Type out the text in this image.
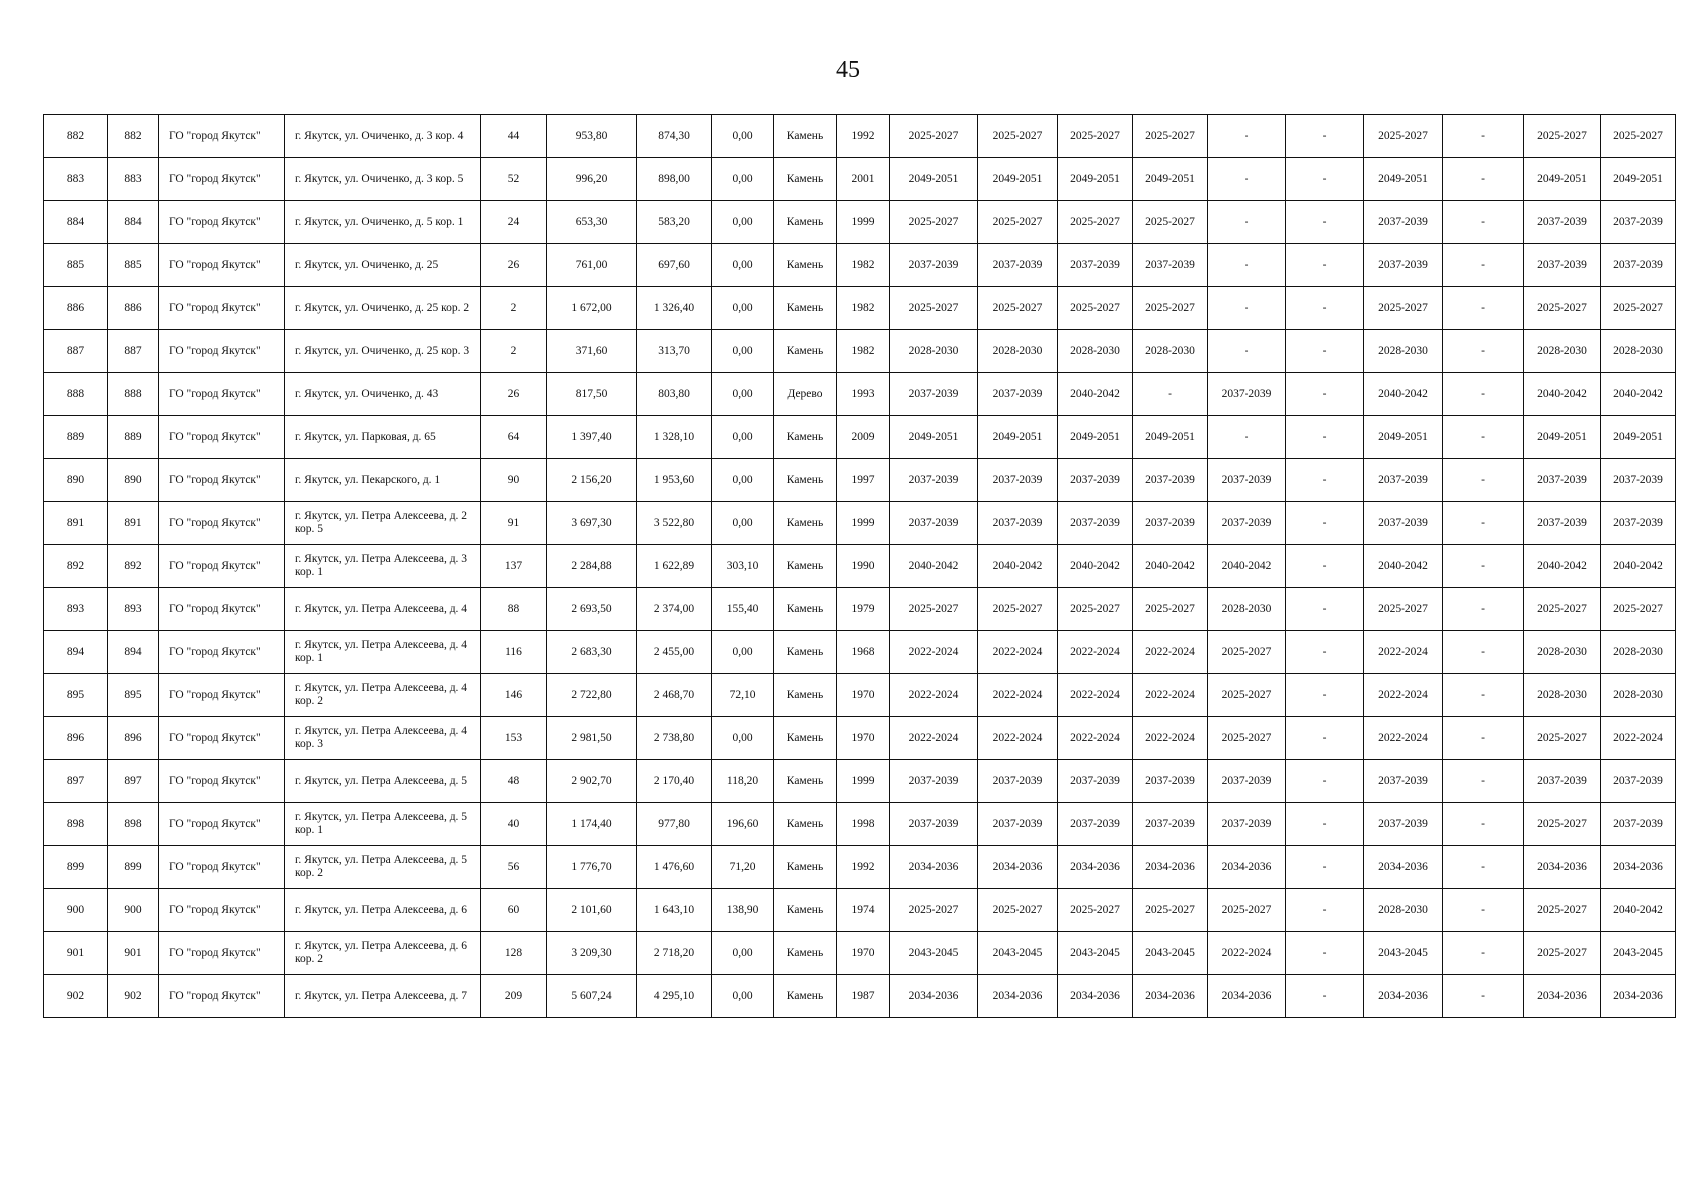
45
882	882	ГО "город Якутск"	г. Якутск, ул. Очиченко, д. 3 кор. 4	44	953,80	874,30	0,00	Камень	1992	2025-2027	2025-2027	2025-2027	2025-2027	-	-	2025-2027	-	2025-2027	2025-2027
883	883	ГО "город Якутск"	г. Якутск, ул. Очиченко, д. 3 кор. 5	52	996,20	898,00	0,00	Камень	2001	2049-2051	2049-2051	2049-2051	2049-2051	-	-	2049-2051	-	2049-2051	2049-2051
884	884	ГО "город Якутск"	г. Якутск, ул. Очиченко, д. 5 кор. 1	24	653,30	583,20	0,00	Камень	1999	2025-2027	2025-2027	2025-2027	2025-2027	-	-	2037-2039	-	2037-2039	2037-2039
885	885	ГО "город Якутск"	г. Якутск, ул. Очиченко, д. 25	26	761,00	697,60	0,00	Камень	1982	2037-2039	2037-2039	2037-2039	2037-2039	-	-	2037-2039	-	2037-2039	2037-2039
886	886	ГО "город Якутск"	г. Якутск, ул. Очиченко, д. 25 кор. 2	2	1 672,00	1 326,40	0,00	Камень	1982	2025-2027	2025-2027	2025-2027	2025-2027	-	-	2025-2027	-	2025-2027	2025-2027
887	887	ГО "город Якутск"	г. Якутск, ул. Очиченко, д. 25 кор. 3	2	371,60	313,70	0,00	Камень	1982	2028-2030	2028-2030	2028-2030	2028-2030	-	-	2028-2030	-	2028-2030	2028-2030
888	888	ГО "город Якутск"	г. Якутск, ул. Очиченко, д. 43	26	817,50	803,80	0,00	Дерево	1993	2037-2039	2037-2039	2040-2042	-	2037-2039	-	2040-2042	-	2040-2042	2040-2042
889	889	ГО "город Якутск"	г. Якутск, ул. Парковая, д. 65	64	1 397,40	1 328,10	0,00	Камень	2009	2049-2051	2049-2051	2049-2051	2049-2051	-	-	2049-2051	-	2049-2051	2049-2051
890	890	ГО "город Якутск"	г. Якутск, ул. Пекарского, д. 1	90	2 156,20	1 953,60	0,00	Камень	1997	2037-2039	2037-2039	2037-2039	2037-2039	2037-2039	-	2037-2039	-	2037-2039	2037-2039
891	891	ГО "город Якутск"	г. Якутск, ул. Петра Алексеева, д. 2 кор. 5	91	3 697,30	3 522,80	0,00	Камень	1999	2037-2039	2037-2039	2037-2039	2037-2039	2037-2039	-	2037-2039	-	2037-2039	2037-2039
892	892	ГО "город Якутск"	г. Якутск, ул. Петра Алексеева, д. 3 кор. 1	137	2 284,88	1 622,89	303,10	Камень	1990	2040-2042	2040-2042	2040-2042	2040-2042	2040-2042	-	2040-2042	-	2040-2042	2040-2042
893	893	ГО "город Якутск"	г. Якутск, ул. Петра Алексеева, д. 4	88	2 693,50	2 374,00	155,40	Камень	1979	2025-2027	2025-2027	2025-2027	2025-2027	2028-2030	-	2025-2027	-	2025-2027	2025-2027
894	894	ГО "город Якутск"	г. Якутск, ул. Петра Алексеева, д. 4 кор. 1	116	2 683,30	2 455,00	0,00	Камень	1968	2022-2024	2022-2024	2022-2024	2022-2024	2025-2027	-	2022-2024	-	2028-2030	2028-2030
895	895	ГО "город Якутск"	г. Якутск, ул. Петра Алексеева, д. 4 кор. 2	146	2 722,80	2 468,70	72,10	Камень	1970	2022-2024	2022-2024	2022-2024	2022-2024	2025-2027	-	2022-2024	-	2028-2030	2028-2030
896	896	ГО "город Якутск"	г. Якутск, ул. Петра Алексеева, д. 4 кор. 3	153	2 981,50	2 738,80	0,00	Камень	1970	2022-2024	2022-2024	2022-2024	2022-2024	2025-2027	-	2022-2024	-	2025-2027	2022-2024
897	897	ГО "город Якутск"	г. Якутск, ул. Петра Алексеева, д. 5	48	2 902,70	2 170,40	118,20	Камень	1999	2037-2039	2037-2039	2037-2039	2037-2039	2037-2039	-	2037-2039	-	2037-2039	2037-2039
898	898	ГО "город Якутск"	г. Якутск, ул. Петра Алексеева, д. 5 кор. 1	40	1 174,40	977,80	196,60	Камень	1998	2037-2039	2037-2039	2037-2039	2037-2039	2037-2039	-	2037-2039	-	2025-2027	2037-2039
899	899	ГО "город Якутск"	г. Якутск, ул. Петра Алексеева, д. 5 кор. 2	56	1 776,70	1 476,60	71,20	Камень	1992	2034-2036	2034-2036	2034-2036	2034-2036	2034-2036	-	2034-2036	-	2034-2036	2034-2036
900	900	ГО "город Якутск"	г. Якутск, ул. Петра Алексеева, д. 6	60	2 101,60	1 643,10	138,90	Камень	1974	2025-2027	2025-2027	2025-2027	2025-2027	2025-2027	-	2028-2030	-	2025-2027	2040-2042
901	901	ГО "город Якутск"	г. Якутск, ул. Петра Алексеева, д. 6 кор. 2	128	3 209,30	2 718,20	0,00	Камень	1970	2043-2045	2043-2045	2043-2045	2043-2045	2022-2024	-	2043-2045	-	2025-2027	2043-2045
902	902	ГО "город Якутск"	г. Якутск, ул. Петра Алексеева, д. 7	209	5 607,24	4 295,10	0,00	Камень	1987	2034-2036	2034-2036	2034-2036	2034-2036	2034-2036	-	2034-2036	-	2034-2036	2034-2036
